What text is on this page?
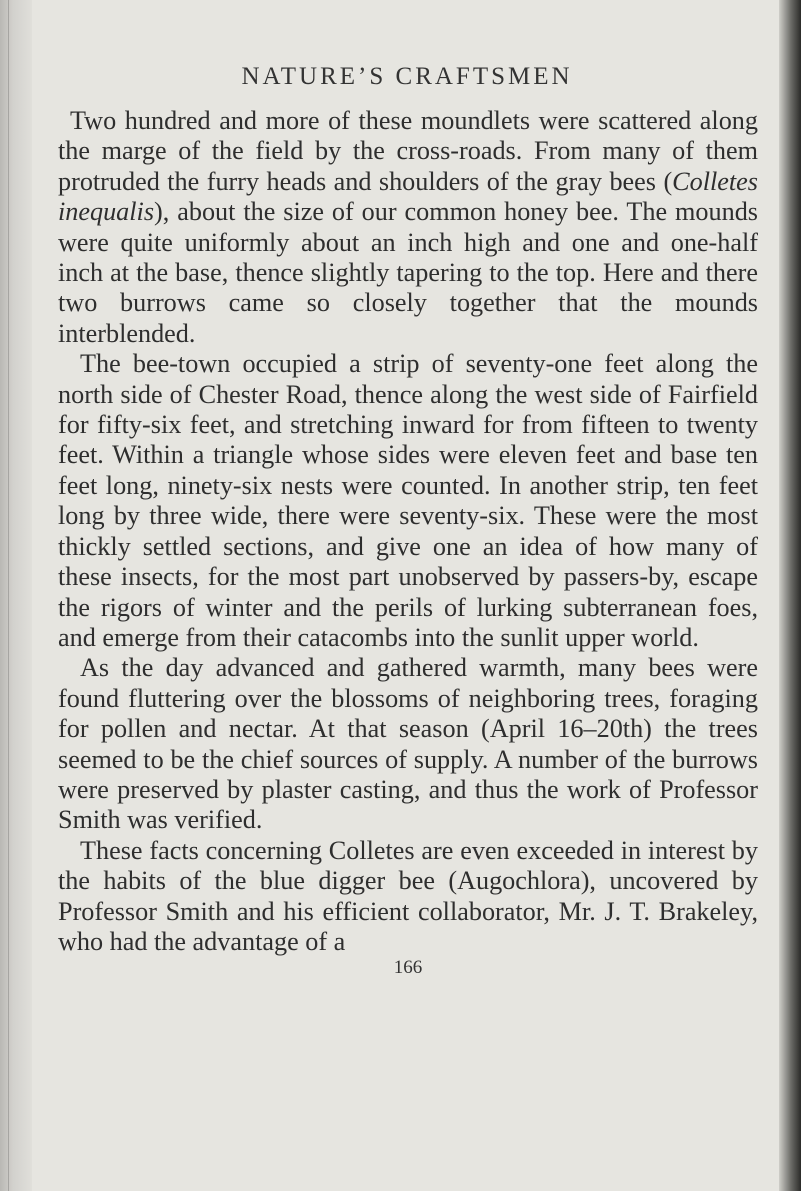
NATURE’S CRAFTSMEN

Two hundred and more of these moundlets were scattered along the marge of the field by the cross-roads. From many of them protruded the furry heads and shoulders of the gray bees (Colletes inequalis), about the size of our common honey bee. The mounds were quite uniformly about an inch high and one and one-half inch at the base, thence slightly tapering to the top. Here and there two burrows came so closely together that the mounds interblended.

The bee-town occupied a strip of seventy-one feet along the north side of Chester Road, thence along the west side of Fairfield for fifty-six feet, and stretching inward for from fifteen to twenty feet. Within a triangle whose sides were eleven feet and base ten feet long, ninety-six nests were counted. In another strip, ten feet long by three wide, there were seventy-six. These were the most thickly settled sections, and give one an idea of how many of these insects, for the most part unobserved by passers-by, escape the rigors of winter and the perils of lurking subterranean foes, and emerge from their catacombs into the sunlit upper world.

As the day advanced and gathered warmth, many bees were found fluttering over the blossoms of neighboring trees, foraging for pollen and nectar. At that season (April 16–20th) the trees seemed to be the chief sources of supply. A number of the burrows were preserved by plaster casting, and thus the work of Professor Smith was verified.

These facts concerning Colletes are even exceeded in interest by the habits of the blue digger bee (Augochlora), uncovered by Professor Smith and his efficient collaborator, Mr. J. T. Brakeley, who had the advantage of a

166
